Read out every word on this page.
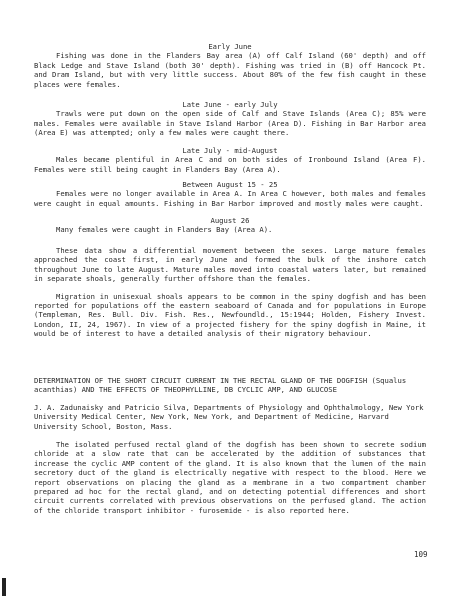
Early June

Fishing was done in the Flanders Bay area (A) off Calf Island (60' depth) and off Black Ledge and Stave Island (both 30' depth). Fishing was tried in (B) off Hancock Pt. and Dram Island, but with very little success. About 80% of the few fish caught in these places were females.

Late June - early July

Trawls were put down on the open side of Calf and Stave Islands (Area C); 85% were males. Females were available in Stave Island Harbor (Area D). Fishing in Bar Harbor area (Area E) was attempted; only a few males were caught there.

Late July - mid-August

Males became plentiful in Area C and on both sides of Ironbound Island (Area F). Females were still being caught in Flanders Bay (Area A).

Between August 15 - 25

Females were no longer available in Area A. In Area C however, both males and females were caught in equal amounts. Fishing in Bar Harbor improved and mostly males were caught.

August 26

Many females were caught in Flanders Bay (Area A).

These data show a differential movement between the sexes. Large mature females approached the coast first, in early June and formed the bulk of the inshore catch throughout June to late August. Mature males moved into coastal waters later, but remained in separate shoals, generally further offshore than the females.

Migration in unisexual shoals appears to be common in the spiny dogfish and has been reported for populations off the eastern seaboard of Canada and for populations in Europe (Templeman, Res. Bull. Div. Fish. Res., Newfoundld., 15:1944; Holden, Fishery Invest. London, II, 24, 1967). In view of a projected fishery for the spiny dogfish in Maine, it would be of interest to have a detailed analysis of their migratory behaviour.

DETERMINATION OF THE SHORT CIRCUIT CURRENT IN THE RECTAL GLAND OF THE DOGFISH (Squalus acanthias) AND THE EFFECTS OF THEOPHYLLINE, DB CYCLIC AMP, AND GLUCOSE

J. A. Zadunaisky and Patricio Silva, Departments of Physiology and Ophthalmology, New York University Medical Center, New York, New York, and Department of Medicine, Harvard University School, Boston, Mass.

The isolated perfused rectal gland of the dogfish has been shown to secrete sodium chloride at a slow rate that can be accelerated by the addition of substances that increase the cyclic AMP content of the gland. It is also known that the lumen of the main secretory duct of the gland is electrically negative with respect to the blood. Here we report observations on placing the gland as a membrane in a two compartment chamber prepared ad hoc for the rectal gland, and on detecting potential differences and short circuit currents correlated with previous observations on the perfused gland. The action of the chloride transport inhibitor - furosemide - is also reported here.

109
